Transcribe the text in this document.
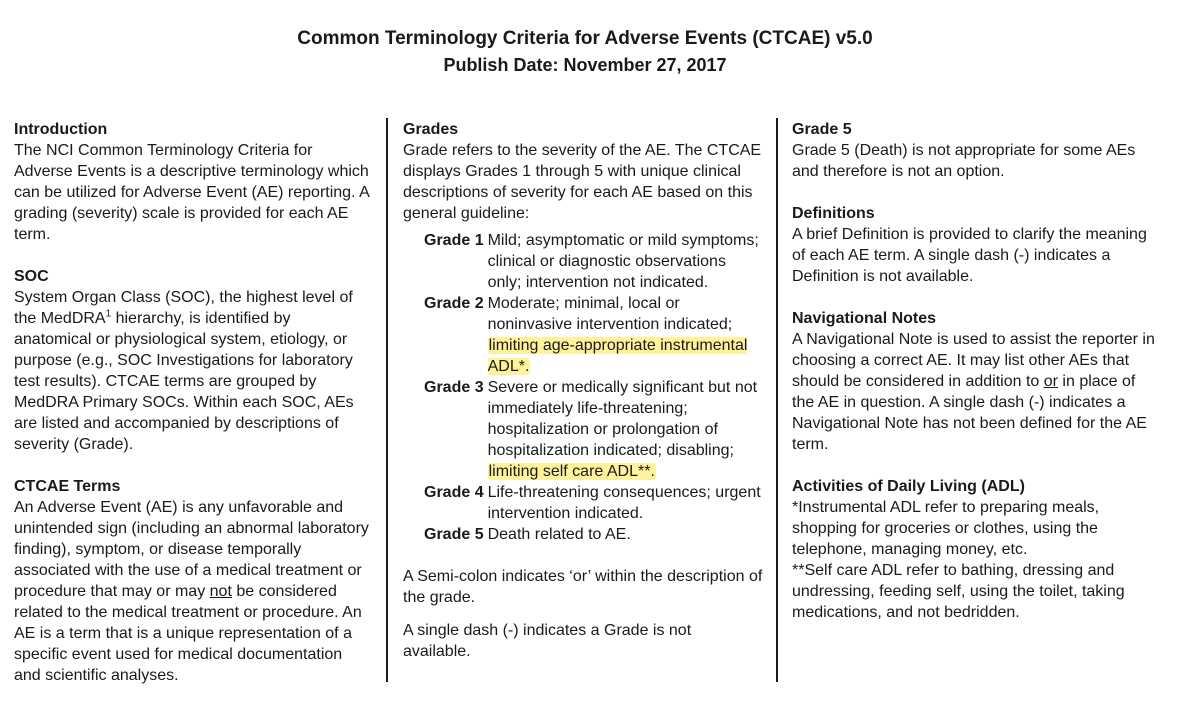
Common Terminology Criteria for Adverse Events (CTCAE) v5.0
Publish Date: November 27, 2017
Introduction

The NCI Common Terminology Criteria for Adverse Events is a descriptive terminology which can be utilized for Adverse Event (AE) reporting. A grading (severity) scale is provided for each AE term.

SOC

System Organ Class (SOC), the highest level of the MedDRA$^1$ hierarchy, is identified by anatomical or physiological system, etiology, or purpose (e.g., SOC Investigations for laboratory test results). CTCAE terms are grouped by MedDRA Primary SOCs. Within each SOC, AEs are listed and accompanied by descriptions of severity (Grade).

CTCAE Terms

An Adverse Event (AE) is any unfavorable and unintended sign (including an abnormal laboratory finding), symptom, or disease temporally associated with the use of a medical treatment or procedure that may or may not be considered related to the medical treatment or procedure. An AE is a term that is a unique representation of a specific event used for medical documentation and scientific analyses.

Grades

Grade refers to the severity of the AE. The CTCAE displays Grades 1 through 5 with unique clinical descriptions of severity for each AE based on this general guideline:

Grade 1 Mild; asymptomatic or mild symptoms; clinical or diagnostic observations only; intervention not indicated.
Grade 2 Moderate; minimal, local or noninvasive intervention indicated; limiting age-appropriate instrumental ADL*.
Grade 3 Severe or medically significant but not immediately life-threatening; hospitalization or prolongation of hospitalization indicated; disabling; limiting self care ADL**.
Grade 4 Life-threatening consequences; urgent intervention indicated.
Grade 5 Death related to AE.

A Semi-colon indicates ‘or’ within the description of the grade.

A single dash (-) indicates a Grade is not available.

Grade 5

Grade 5 (Death) is not appropriate for some AEs and therefore is not an option.

Definitions

A brief Definition is provided to clarify the meaning of each AE term. A single dash (-) indicates a Definition is not available.

Navigational Notes

A Navigational Note is used to assist the reporter in choosing a correct AE. It may list other AEs that should be considered in addition to or in place of the AE in question. A single dash (-) indicates a Navigational Note has not been defined for the AE term.

Activities of Daily Living (ADL)

*Instrumental ADL refer to preparing meals, shopping for groceries or clothes, using the telephone, managing money, etc.

**Self care ADL refer to bathing, dressing and undressing, feeding self, using the toilet, taking medications, and not bedridden.
